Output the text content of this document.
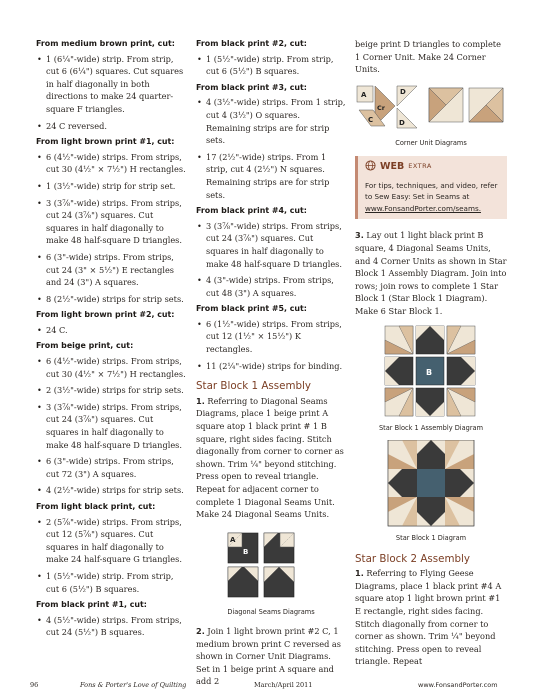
From medium brown print, cut:
• 1 (6¼"-wide) strip. From strip, cut 6 (6¼") squares. Cut squares in half diagonally in both directions to make 24 quarter-square F triangles.
• 24 C reversed.
From light brown print #1, cut:
• 6 (4½"-wide) strips. From strips, cut 30 (4½" × 7½") H rectangles.
• 1 (3½"-wide) strip for strip set.
• 3 (3⅞"-wide) strips. From strips, cut 24 (3⅞") squares. Cut squares in half diagonally to make 48 half-square D triangles.
• 6 (3"-wide) strips. From strips, cut 24 (3" × 5½") E rectangles and 24 (3") A squares.
• 8 (2½"-wide) strips for strip sets.
From light brown print #2, cut:
• 24 C.
From beige print, cut:
• 6 (4½"-wide) strips. From strips, cut 30 (4½" × 7½") H rectangles.
• 2 (3½"-wide) strips for strip sets.
• 3 (3⅞"-wide) strips. From strips, cut 24 (3⅞") squares. Cut squares in half diagonally to make 48 half-square D triangles.
• 6 (3"-wide) strips. From strips, cut 72 (3") A squares.
• 4 (2½"-wide) strips for strip sets.
From light black print, cut:
• 2 (5⅞"-wide) strips. From strips, cut 12 (5⅞") squares. Cut squares in half diagonally to make 24 half-square G triangles.
• 1 (5½"-wide) strip. From strip, cut 6 (5½") B squares.
From black print #1, cut:
• 4 (5½"-wide) strips. From strips, cut 24 (5½") B squares.
From black print #2, cut:
• 1 (5½"-wide) strip. From strip, cut 6 (5½") B squares.
From black print #3, cut:
• 4 (3½"-wide) strips. From 1 strip, cut 4 (3½") O squares. Remaining strips are for strip sets.
• 17 (2½"-wide) strips. From 1 strip, cut 4 (2½") N squares. Remaining strips are for strip sets.
From black print #4, cut:
• 3 (3⅞"-wide) strips. From strips, cut 24 (3⅞") squares. Cut squares in half diagonally to make 48 half-square D triangles.
• 4 (3"-wide) strips. From strips, cut 48 (3") A squares.
From black print #5, cut:
• 6 (1½"-wide) strips. From strips, cut 12 (1½" × 15½") K rectangles.
• 11 (2¼"-wide) strips for binding.
Star Block 1 Assembly

1. Referring to Diagonal Seams Diagrams, place 1 beige print A square atop 1 black print # 1 B square, right sides facing. Stitch diagonally from corner to corner as shown. Trim ¼" beyond stitching. Press open to reveal triangle. Repeat for adjacent corner to complete 1 Diagonal Seams Unit. Make 24 Diagonal Seams Units.

A
B
Diagonal Seams Diagrams

2. Join 1 light brown print #2 C, 1 medium brown print C reversed as shown in Corner Unit Diagrams. Set in 1 beige print A square and add 2

beige print D triangles to complete 1 Corner Unit. Make 24 Corner Units.

A
Cr
D
C	D
Corner Unit Diagrams
WEB EXTRA
For tips, techniques, and video, refer to Sew Easy: Set in Seams at
www.FonsandPorter.com/seams.

3. Lay out 1 light black print B square, 4 Diagonal Seams Units, and 4 Corner Units as shown in Star Block 1 Assembly Diagram. Join into rows; join rows to complete 1 Star Block 1 (Star Block 1 Diagram). Make 6 Star Block 1.

B
Star Block 1 Assembly Diagram
Star Block 1 Diagram
Star Block 2 Assembly

1. Referring to Flying Geese Diagrams, place 1 black print #4 A square atop 1 light brown print #1 E rectangle, right sides facing. Stitch diagonally from corner to corner as shown. Trim ¼" beyond stitching. Press open to reveal triangle. Repeat

96	Fons & Porter's Love of Quilting	March/April 2011	www.FonsandPorter.com
